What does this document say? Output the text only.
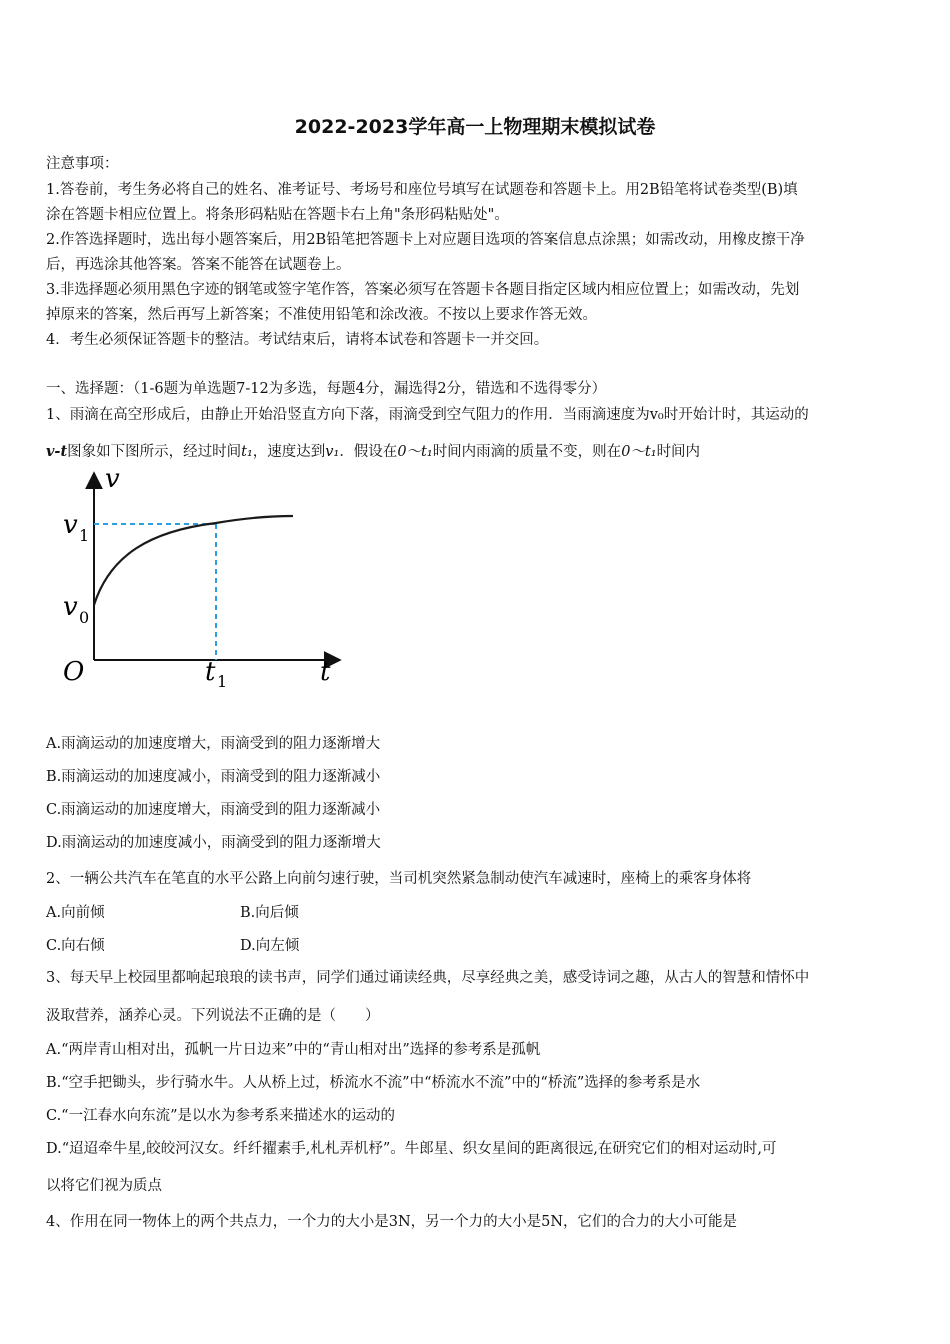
2022-2023学年高一上物理期末模拟试卷
注意事项：
1.答卷前，考生务必将自己的姓名、准考证号、考场号和座位号填写在试题卷和答题卡上。用2B铅笔将试卷类型(B)填
涂在答题卡相应位置上。将条形码粘贴在答题卡右上角"条形码粘贴处"。
2.作答选择题时，选出每小题答案后，用2B铅笔把答题卡上对应题目选项的答案信息点涂黑；如需改动，用橡皮擦干净
后，再选涂其他答案。答案不能答在试题卷上。
3.非选择题必须用黑色字迹的钢笔或签字笔作答，答案必须写在答题卡各题目指定区域内相应位置上；如需改动，先划
掉原来的答案，然后再写上新答案；不准使用铅笔和涂改液。不按以上要求作答无效。
4．考生必须保证答题卡的整洁。考试结束后，请将本试卷和答题卡一并交回。
一、选择题：（1-6题为单选题7-12为多选，每题4分，漏选得2分，错选和不选得零分）
1、雨滴在高空形成后，由静止开始沿竖直方向下落，雨滴受到空气阻力的作用．当雨滴速度为v₀时开始计时，其运动的
v-t图象如下图所示，经过时间t₁，速度达到v₁．假设在0～t₁时间内雨滴的质量不变，则在0～t₁时间内
v
t
O
v 1
v 0
t 1
A.雨滴运动的加速度增大，雨滴受到的阻力逐渐增大
B.雨滴运动的加速度减小，雨滴受到的阻力逐渐减小
C.雨滴运动的加速度增大，雨滴受到的阻力逐渐减小
D.雨滴运动的加速度减小，雨滴受到的阻力逐渐增大
2、一辆公共汽车在笔直的水平公路上向前匀速行驶，当司机突然紧急制动使汽车减速时，座椅上的乘客身体将
A.向前倾	B.向后倾
C.向右倾	D.向左倾
3、每天早上校园里都响起琅琅的读书声，同学们通过诵读经典，尽享经典之美，感受诗词之趣，从古人的智慧和情怀中
汲取营养，涵养心灵。下列说法不正确的是（　　）
A.“两岸青山相对出，孤帆一片日边来”中的“青山相对出”选择的参考系是孤帆
B.“空手把锄头，步行骑水牛。人从桥上过，桥流水不流”中“桥流水不流”中的“桥流”选择的参考系是水
C.“一江春水向东流”是以水为参考系来描述水的运动的
D.“迢迢牵牛星,皎皎河汉女。纤纤擢素手,札札弄机杼”。牛郎星、织女星间的距离很远,在研究它们的相对运动时,可
以将它们视为质点
4、作用在同一物体上的两个共点力，一个力的大小是3N，另一个力的大小是5N，它们的合力的大小可能是
